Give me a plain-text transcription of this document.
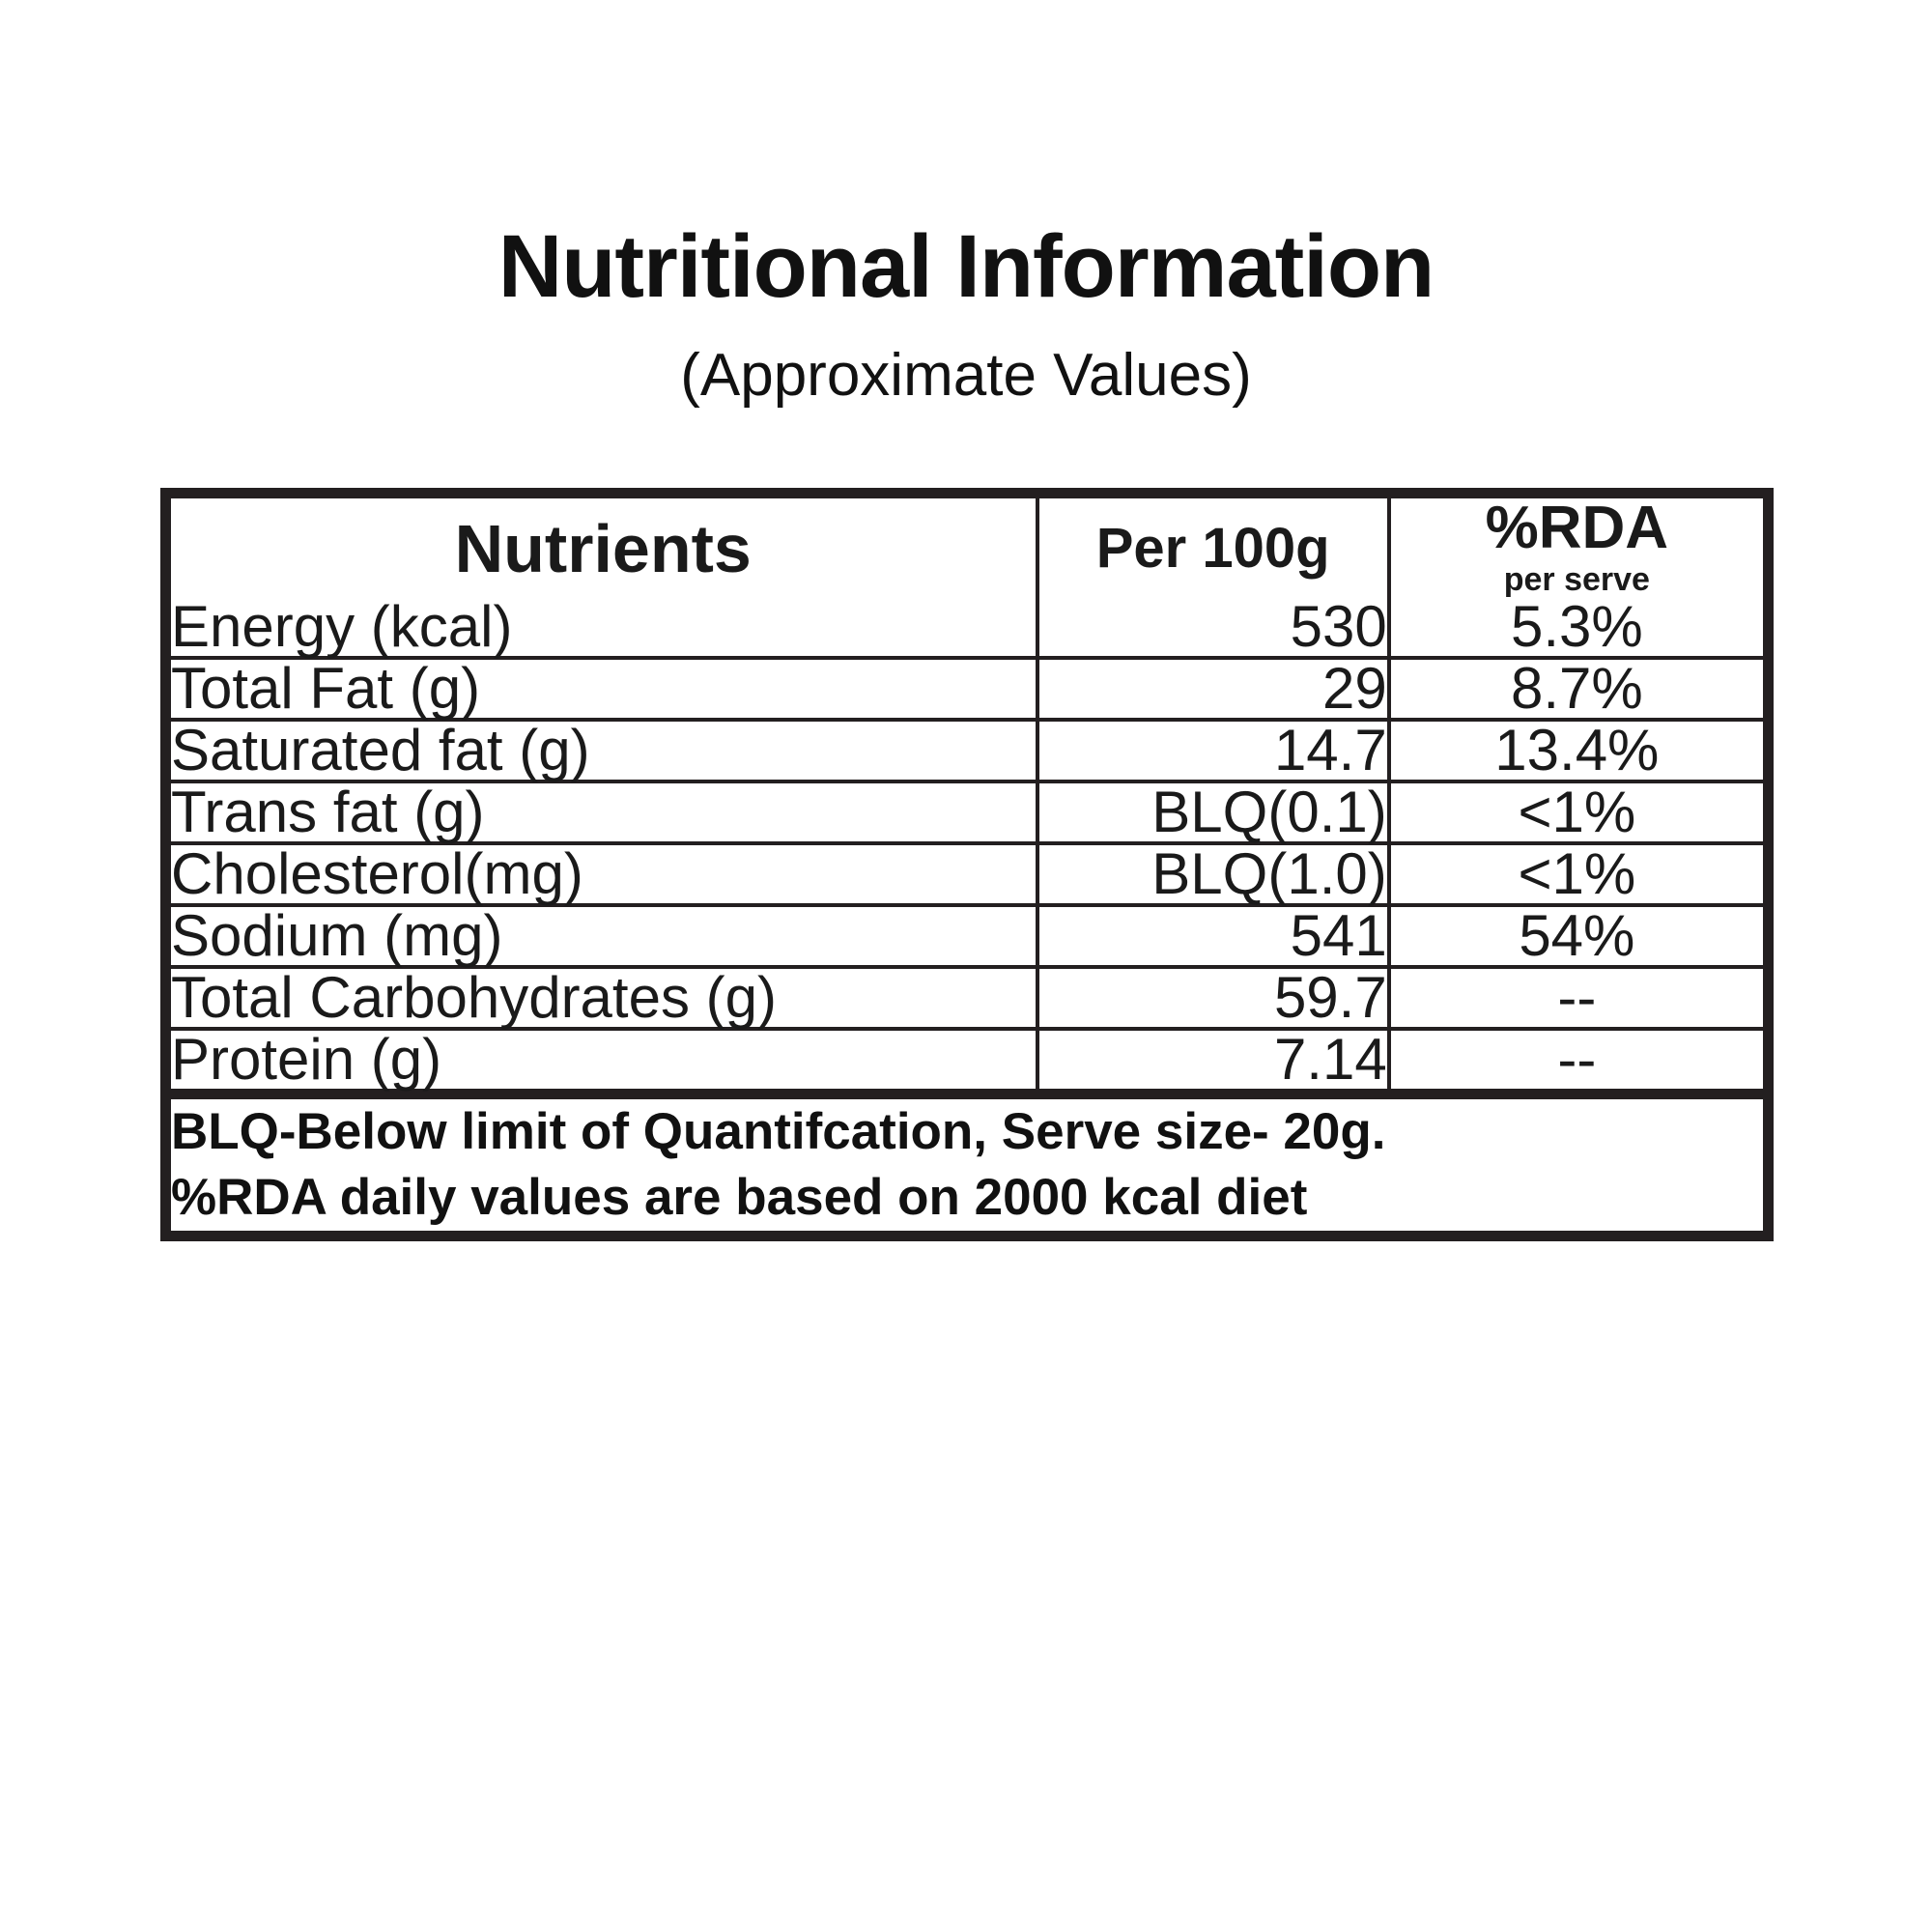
Nutritional Information
(Approximate Values)
Nutrients	Per 100g	%RDA
per serve

Energy (kcal)	530	5.3%
Total Fat (g)	29	8.7%
Saturated fat (g)	14.7	13.4%
Trans fat (g)	BLQ(0.1)	<1%
Cholesterol(mg)	BLQ(1.0)	<1%
Sodium (mg)	541	54%
Total Carbohydrates (g)	59.7	--
Protein (g)	7.14	--

BLQ-Below limit of Quantifcation, Serve size- 20g.
%RDA daily values are based on 2000 kcal diet		
